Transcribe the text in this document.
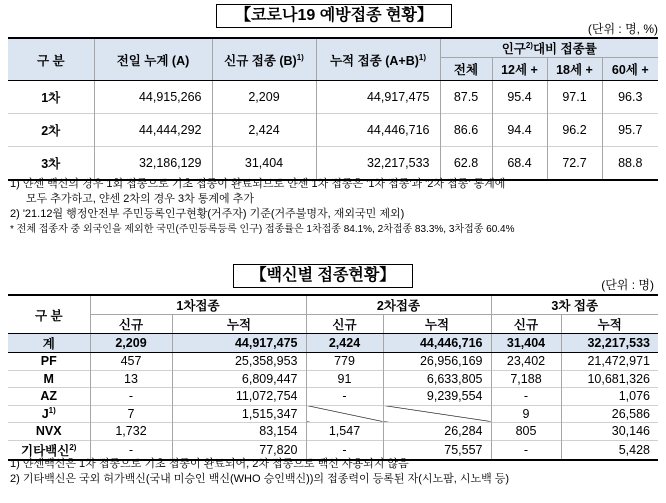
【코로나19 예방접종 현황】
(단위 : 명, %)
구 분	전일 누계 (A)	신규 접종 $(B)^{1)}$	누적 접종 $(A+B)^{1)}$	인구$^{2)}$대비 접종률			
				전체	12세 +	18세 +	60세 +
1차	44,915,266	2,209	44,917,475	87.5	95.4	97.1	96.3
2차	44,444,292	2,424	44,446,716	86.6	94.4	96.2	95.7
3차	32,186,129	31,404	32,217,533	62.8	68.4	72.7	88.8
1) 얀센 백신의 경우 1회 접종으로 기초 접종이 완료되므로 얀센 1차 접종은 '1차 접종'과 '2차 접종' 통계에
모두 추가하고, 얀센 2차의 경우 3차 통계에 추가
2) '21.12월 행정안전부 주민등록인구현황(거주자) 기준(거주불명자, 재외국민 제외)
* 전체 접종자 중 외국인을 제외한 국민(주민등록등록 인구) 접종률은 1차접종 84.1%, 2차접종 83.3%, 3차접종 60.4%
【백신별 접종현황】
(단위 : 명)
구 분	1차접종		2차접종		3차 접종	
	신규	누적	신규	누적	신규	누적
계	2,209	44,917,475	2,424	44,446,716	31,404	32,217,533
PF	457	25,358,953	779	26,956,169	23,402	21,472,971
M	13	6,809,447	91	6,633,805	7,188	10,681,326
AZ	-	11,072,754	-	9,239,554	-	1,076
$J^{1)}$	7	1,515,347			9	26,586
NVX	1,732	83,154	1,547	26,284	805	30,146
기타백신$^{2)}$	-	77,820	-	75,557	-	5,428
1) 얀센백신은 1차 접종으로 기초 접종이 완료되어, 2차 접종으로 백신 사용되지 않음
2) 기타백신은 국외 허가백신(국내 미승인 백신(WHO 승인백신))의 접종력이 등록된 자(시노팜, 시노백 등)
